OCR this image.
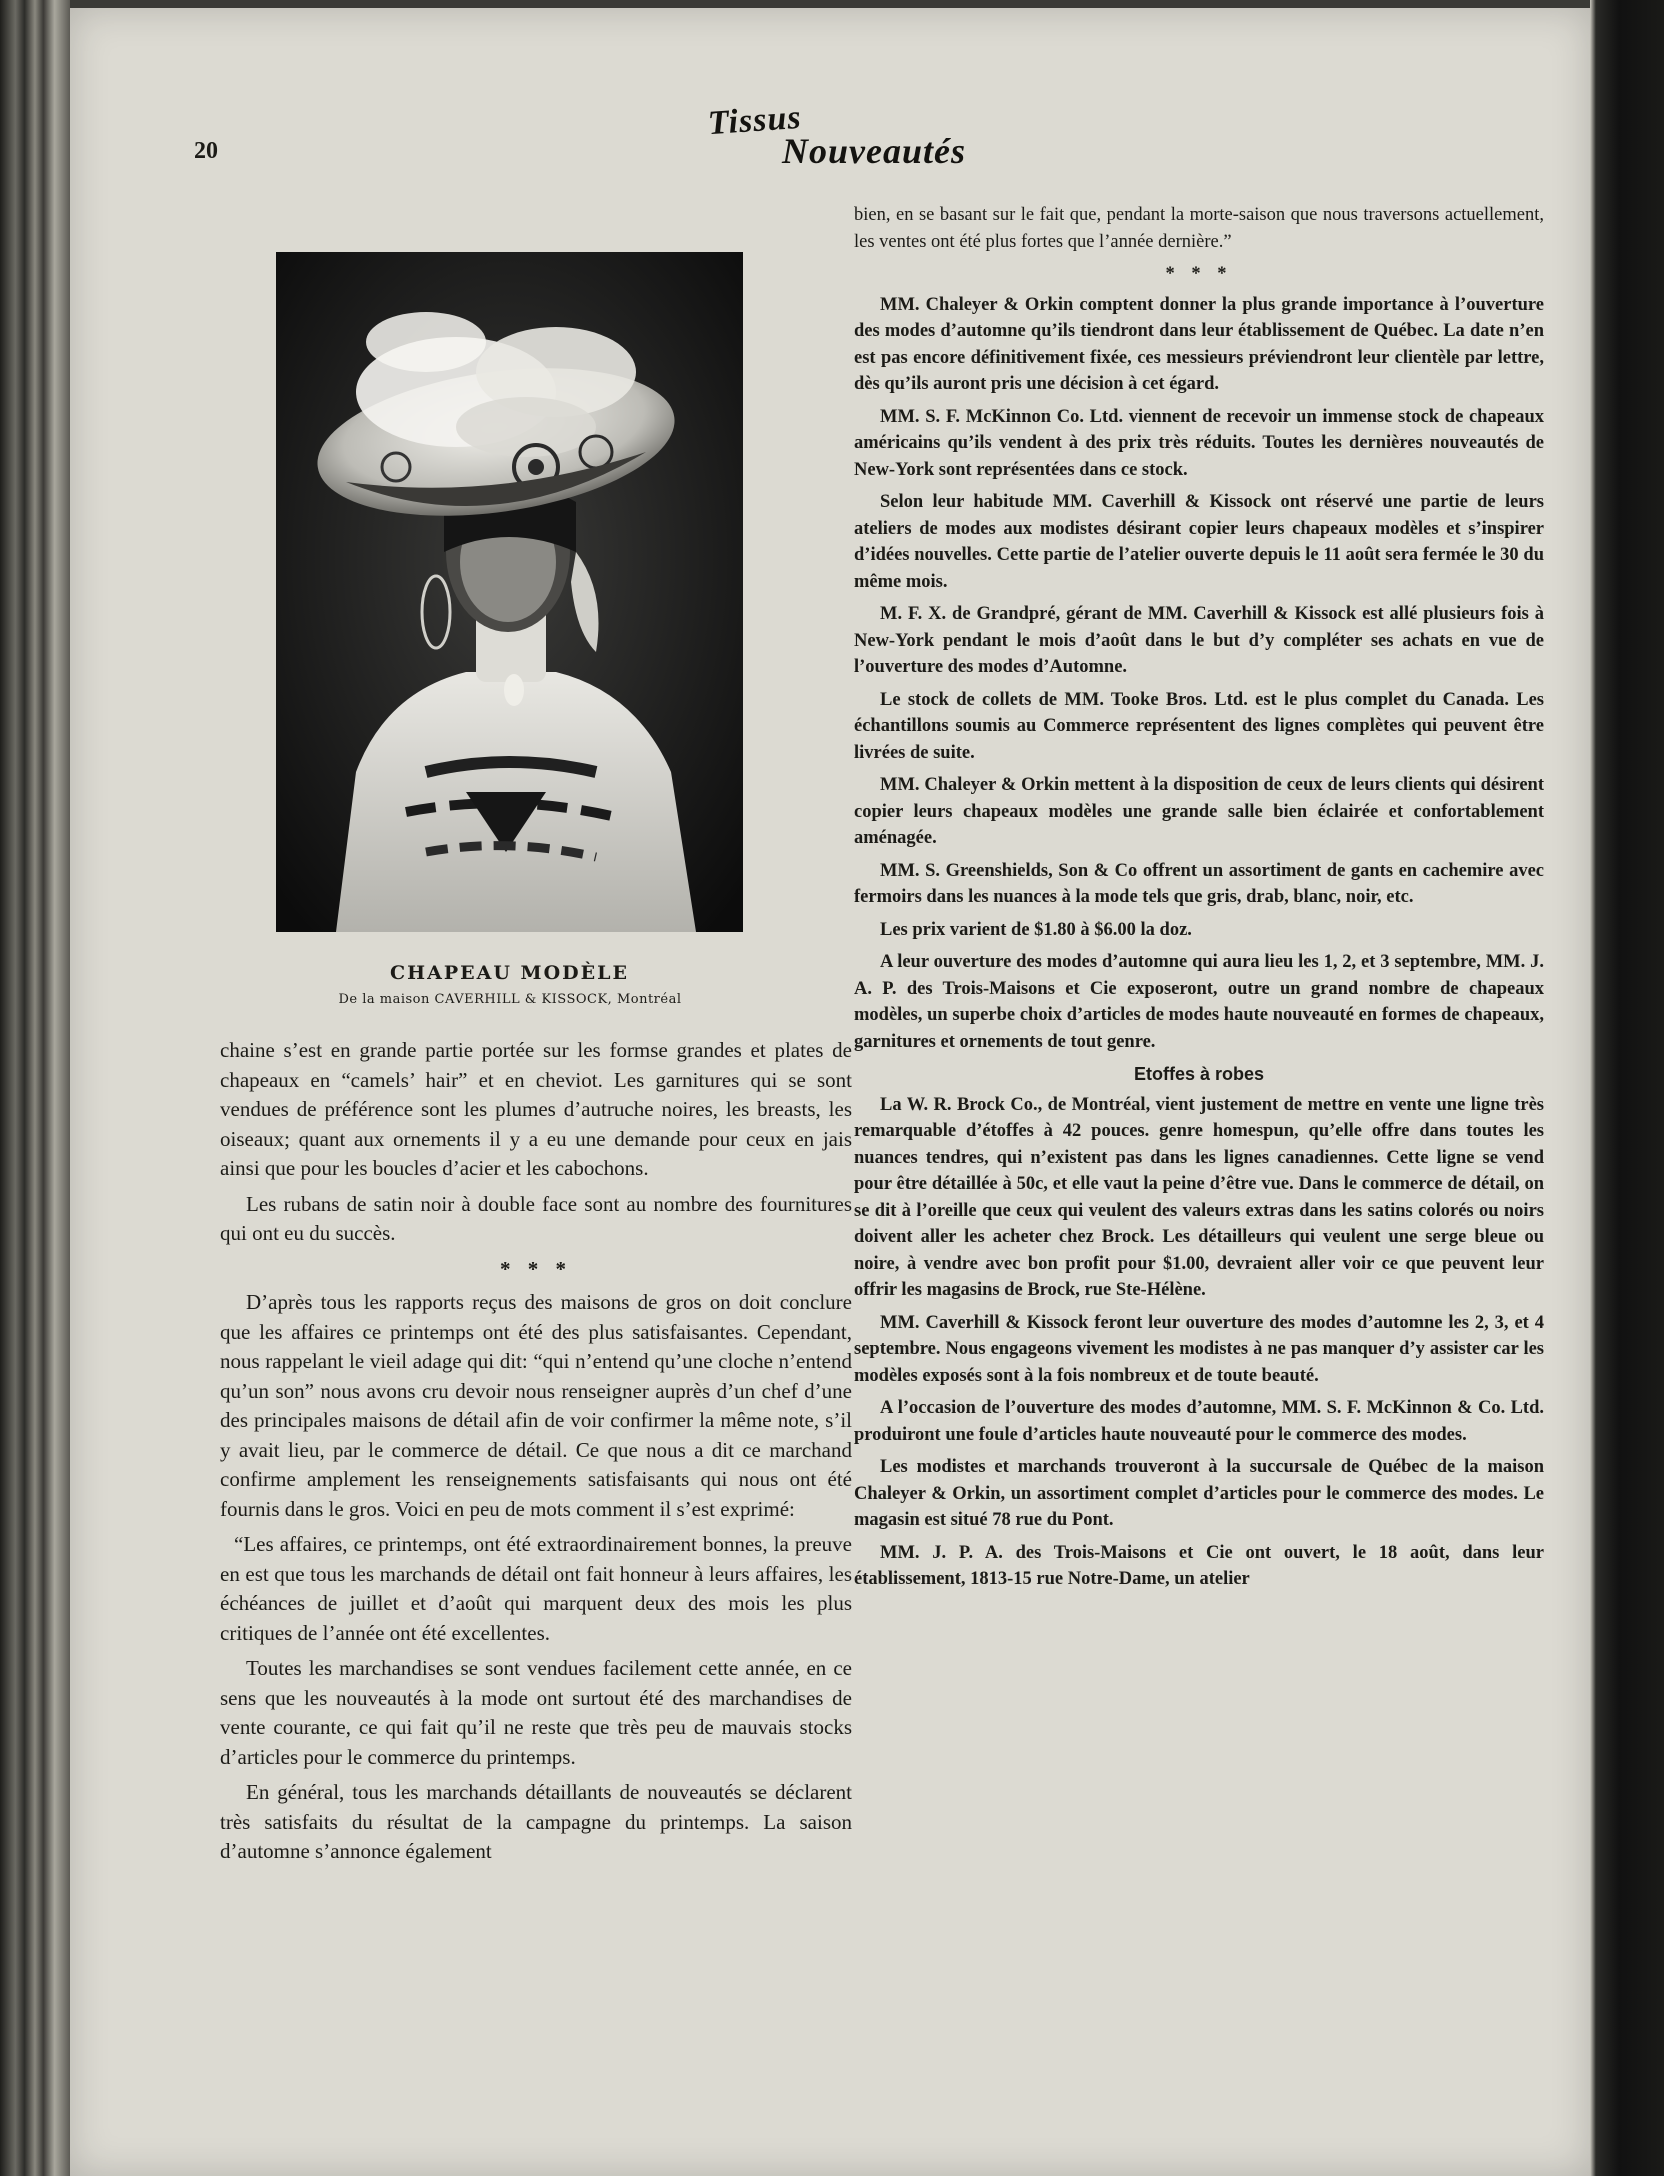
20
Tissus
Nouveautés
CHAPEAU MODÈLE
De la maison CAVERHILL & KISSOCK, Montréal

chaine s’est en grande partie portée sur les formse grandes et plates de chapeaux en “camels’ hair” et en cheviot. Les garnitures qui se sont vendues de préférence sont les plumes d’autruche noires, les breasts, les oiseaux; quant aux ornements il y a eu une demande pour ceux en jais ainsi que pour les boucles d’acier et les cabochons.

Les rubans de satin noir à double face sont au nombre des fournitures qui ont eu du succès.

* * *

D’après tous les rapports reçus des maisons de gros on doit conclure que les affaires ce printemps ont été des plus satisfaisantes. Cependant, nous rappelant le vieil adage qui dit: “qui n’entend qu’une cloche n’entend qu’un son” nous avons cru devoir nous renseigner auprès d’un chef d’une des principales maisons de détail afin de voir confirmer la même note, s’il y avait lieu, par le commerce de détail. Ce que nous a dit ce marchand confirme amplement les renseignements satisfaisants qui nous ont été fournis dans le gros. Voici en peu de mots comment il s’est exprimé:

“Les affaires, ce printemps, ont été extraordinairement bonnes, la preuve en est que tous les marchands de détail ont fait honneur à leurs affaires, les échéances de juillet et d’août qui marquent deux des mois les plus critiques de l’année ont été excellentes.

Toutes les marchandises se sont vendues facilement cette année, en ce sens que les nouveautés à la mode ont surtout été des marchandises de vente courante, ce qui fait qu’il ne reste que très peu de mauvais stocks d’articles pour le commerce du printemps.

En général, tous les marchands détaillants de nouveautés se déclarent très satisfaits du résultat de la campagne du printemps. La saison d’automne s’annonce également

bien, en se basant sur le fait que, pendant la morte-saison que nous traversons actuellement, les ventes ont été plus fortes que l’année dernière.”

* * *

MM. Chaleyer & Orkin comptent donner la plus grande importance à l’ouverture des modes d’automne qu’ils tiendront dans leur établissement de Québec. La date n’en est pas encore définitivement fixée, ces messieurs préviendront leur clientèle par lettre, dès qu’ils auront pris une décision à cet égard.

MM. S. F. McKinnon Co. Ltd. viennent de recevoir un immense stock de chapeaux américains qu’ils vendent à des prix très réduits. Toutes les dernières nouveautés de New-York sont représentées dans ce stock.

Selon leur habitude MM. Caverhill & Kissock ont réservé une partie de leurs ateliers de modes aux modistes désirant copier leurs chapeaux modèles et s’inspirer d’idées nouvelles. Cette partie de l’atelier ouverte depuis le 11 août sera fermée le 30 du même mois.

M. F. X. de Grandpré, gérant de MM. Caverhill & Kissock est allé plusieurs fois à New-York pendant le mois d’août dans le but d’y compléter ses achats en vue de l’ouverture des modes d’Automne.

Le stock de collets de MM. Tooke Bros. Ltd. est le plus complet du Canada. Les échantillons soumis au Commerce représentent des lignes complètes qui peuvent être livrées de suite.

MM. Chaleyer & Orkin mettent à la disposition de ceux de leurs clients qui désirent copier leurs chapeaux modèles une grande salle bien éclairée et confortablement aménagée.

MM. S. Greenshields, Son & Co offrent un assortiment de gants en cachemire avec fermoirs dans les nuances à la mode tels que gris, drab, blanc, noir, etc.

Les prix varient de $1.80 à $6.00 la doz.

A leur ouverture des modes d’automne qui aura lieu les 1, 2, et 3 septembre, MM. J. A. P. des Trois-Maisons et Cie exposeront, outre un grand nombre de chapeaux modèles, un superbe choix d’articles de modes haute nouveauté en formes de chapeaux, garnitures et ornements de tout genre.

Etoffes à robes

La W. R. Brock Co., de Montréal, vient justement de mettre en vente une ligne très remarquable d’étoffes à 42 pouces. genre homespun, qu’elle offre dans toutes les nuances tendres, qui n’existent pas dans les lignes canadiennes. Cette ligne se vend pour être détaillée à 50c, et elle vaut la peine d’être vue. Dans le commerce de détail, on se dit à l’oreille que ceux qui veulent des valeurs extras dans les satins colorés ou noirs doivent aller les acheter chez Brock. Les détailleurs qui veulent une serge bleue ou noire, à vendre avec bon profit pour $1.00, devraient aller voir ce que peuvent leur offrir les magasins de Brock, rue Ste-Hélène.

MM. Caverhill & Kissock feront leur ouverture des modes d’automne les 2, 3, et 4 septembre. Nous engageons vivement les modistes à ne pas manquer d’y assister car les modèles exposés sont à la fois nombreux et de toute beauté.

A l’occasion de l’ouverture des modes d’automne, MM. S. F. McKinnon & Co. Ltd. produiront une foule d’articles haute nouveauté pour le commerce des modes.

Les modistes et marchands trouveront à la succursale de Québec de la maison Chaleyer & Orkin, un assortiment complet d’articles pour le commerce des modes. Le magasin est situé 78 rue du Pont.

MM. J. P. A. des Trois-Maisons et Cie ont ouvert, le 18 août, dans leur établissement, 1813-15 rue Notre-Dame, un atelier
